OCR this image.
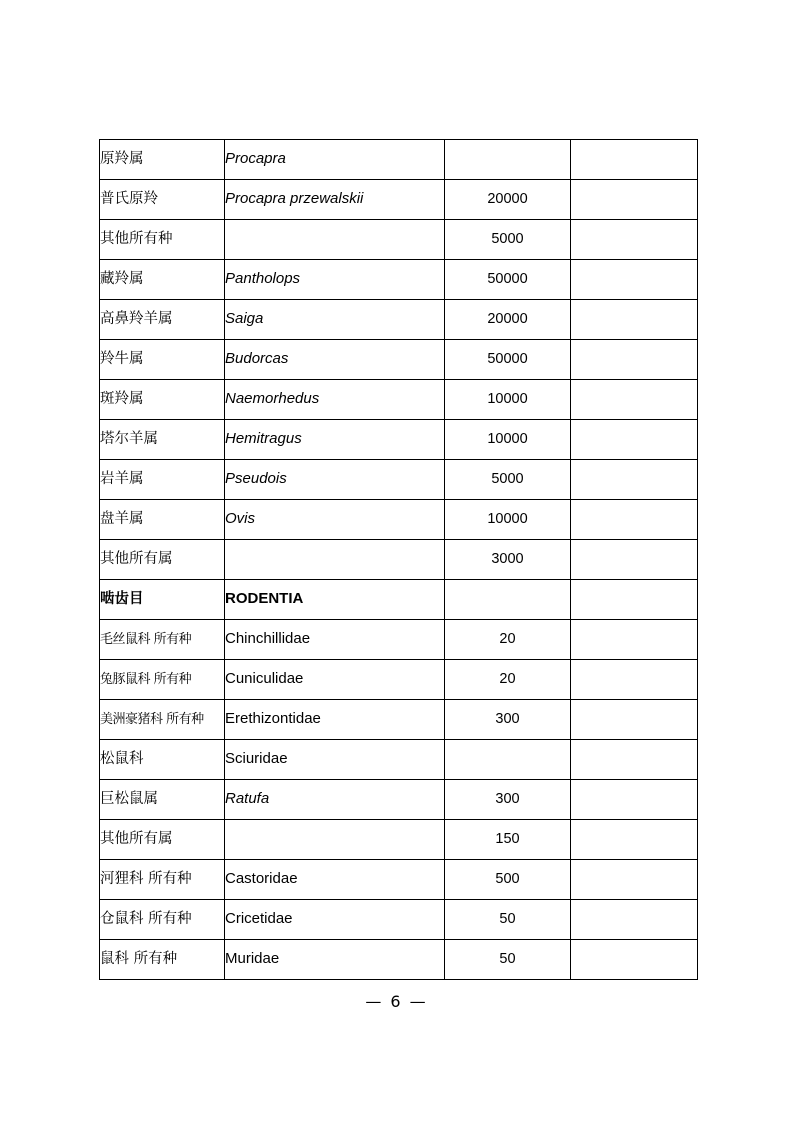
原羚属	Procapra		
普氏原羚	Procapra przewalskii	20000	
其他所有种		5000	
藏羚属	Pantholops	50000	
高鼻羚羊属	Saiga	20000	
羚牛属	Budorcas	50000	
斑羚属	Naemorhedus	10000	
塔尔羊属	Hemitragus	10000	
岩羊属	Pseudois	5000	
盘羊属	Ovis	10000	
其他所有属		3000	
啮齿目	RODENTIA		
毛丝鼠科 所有种	Chinchillidae	20	
兔豚鼠科 所有种	Cuniculidae	20	
美洲豪猪科 所有种	Erethizontidae	300	
松鼠科	Sciuridae		
巨松鼠属	Ratufa	300	
其他所有属		150	
河狸科 所有种	Castoridae	500	
仓鼠科 所有种	Cricetidae	50	
鼠科 所有种	Muridae	50	
— 6 —
